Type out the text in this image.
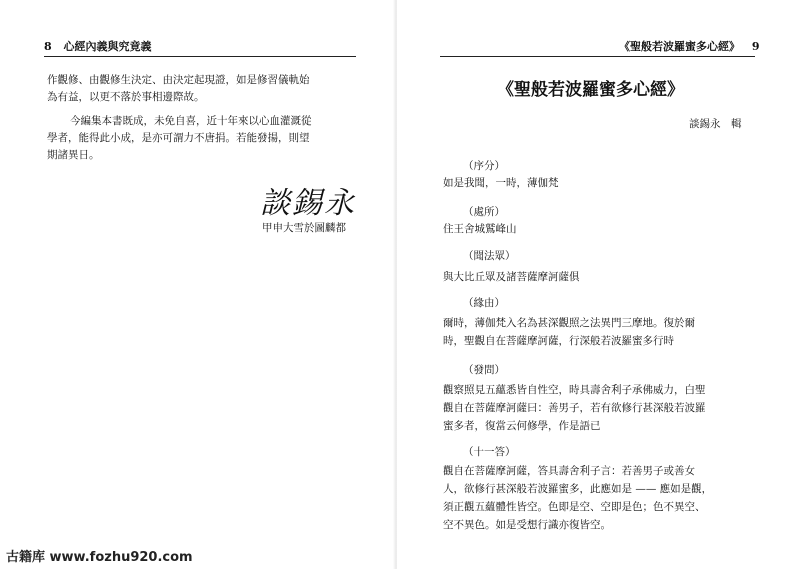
8 心經內義與究竟義
作觀修、由觀修生決定、由決定起現證，如是修習儀軌始
為有益，以更不落於事相邊際故。
今編集本書既成，未免自喜，近十年來以心血灌溉從
學者，能得此小成，是亦可謂力不唐捐。若能發揚，則望
期諸異日。
談錫永
甲申大雪於圖麟都
古籍库 www.fozhu920.com
《聖般若波羅蜜多心經》 9
《聖般若波羅蜜多心經》
談錫永　輯
（序分）
如是我聞，一時，薄伽梵
（處所）
住王舍城鷲峰山
（聞法眾）
與大比丘眾及諸菩薩摩訶薩俱
（緣由）
爾時，薄伽梵入名為甚深觀照之法異門三摩地。復於爾
時，聖觀自在菩薩摩訶薩，行深般若波羅蜜多行時
（發問）
觀察照見五蘊悉皆自性空，時具壽舍利子承佛威力，白聖
觀自在菩薩摩訶薩曰：善男子，若有欲修行甚深般若波羅
蜜多者，復當云何修學，作是語已
（十一答）
觀自在菩薩摩訶薩，答具壽舍利子言：若善男子或善女
人，欲修行甚深般若波羅蜜多，此應如是 —— 應如是觀，
須正觀五蘊體性皆空。色即是空、空即是色；色不異空、
空不異色。如是受想行識亦復皆空。
